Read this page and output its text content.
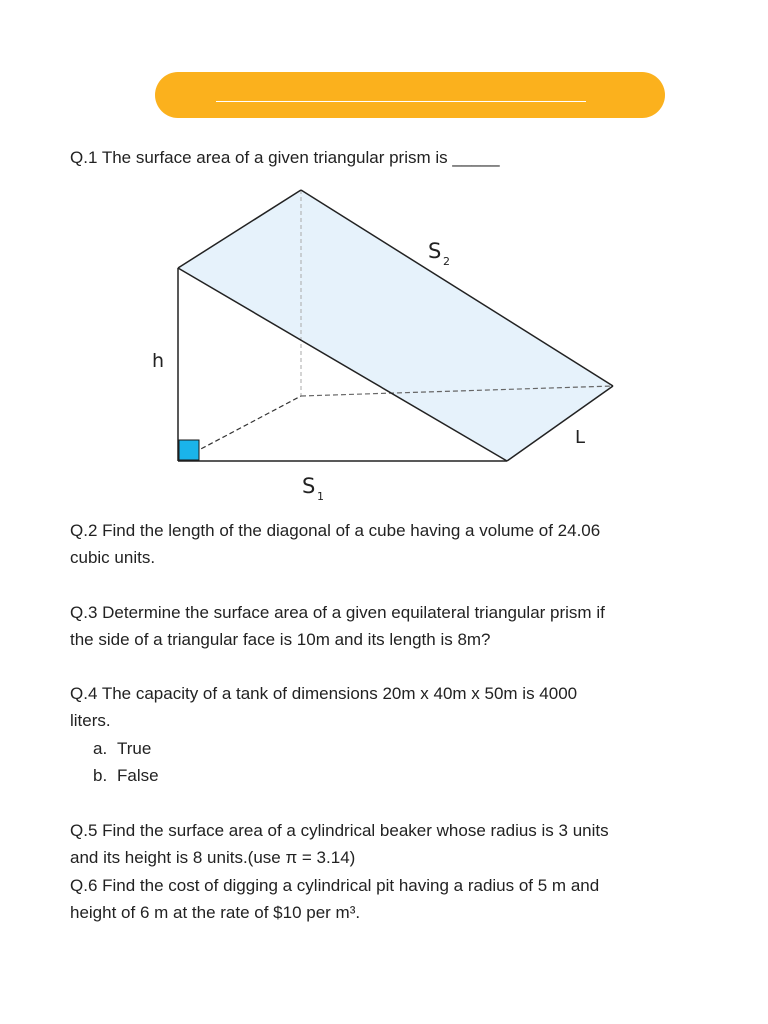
Q.1 The surface area of a given triangular prism is _____

h
S 1
S 2
L

Q.2 Find the length of the diagonal of a cube having a volume of 24.06

cubic units.

Q.3 Determine the surface area of a given equilateral triangular prism if

the side of a triangular face is 10m and its length is 8m?

Q.4 The capacity of a tank of dimensions 20m x 40m x 50m is 4000

liters.

a. True
b. False

Q.5 Find the surface area of a cylindrical beaker whose radius is 3 units

and its height is 8 units.(use π = 3.14)

Q.6 Find the cost of digging a cylindrical pit having a radius of 5 m and

height of 6 m at the rate of $10 per m³.
